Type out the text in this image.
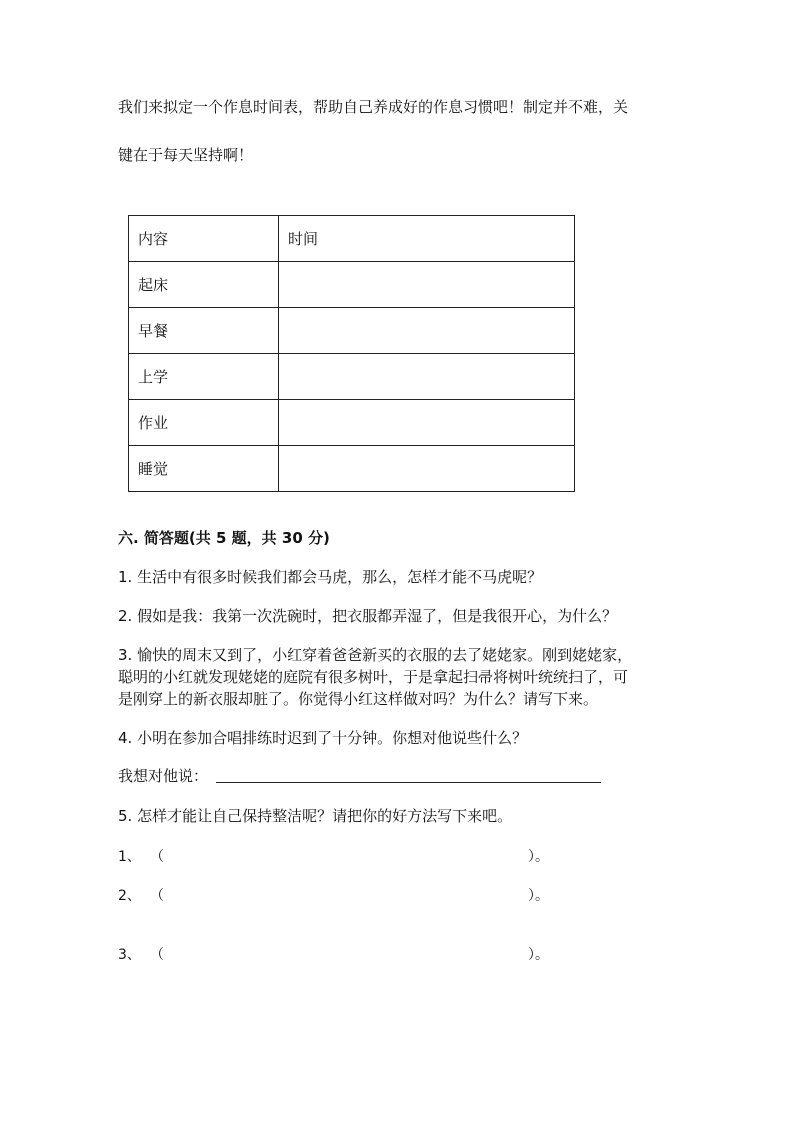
我们来拟定一个作息时间表，帮助自己养成好的作息习惯吧！制定并不难，关
键在于每天坚持啊！
内容	时间
起床	
早餐	
上学	
作业	
睡觉	
六. 简答题(共 5 题，共 30 分)
1. 生活中有很多时候我们都会马虎，那么，怎样才能不马虎呢？
2. 假如是我：我第一次洗碗时，把衣服都弄湿了，但是我很开心，为什么？
3. 愉快的周末又到了，小红穿着爸爸新买的衣服的去了姥姥家。刚到姥姥家，
聪明的小红就发现姥姥的庭院有很多树叶，于是拿起扫帚将树叶统统扫了，可
是刚穿上的新衣服却脏了。你觉得小红这样做对吗？为什么？请写下来。
4. 小明在参加合唱排练时迟到了十分钟。你想对他说些什么？
我想对他说：
5. 怎样才能让自己保持整洁呢？请把你的好方法写下来吧。
1、 （	）。
2、 （	）。
3、 （	）。
